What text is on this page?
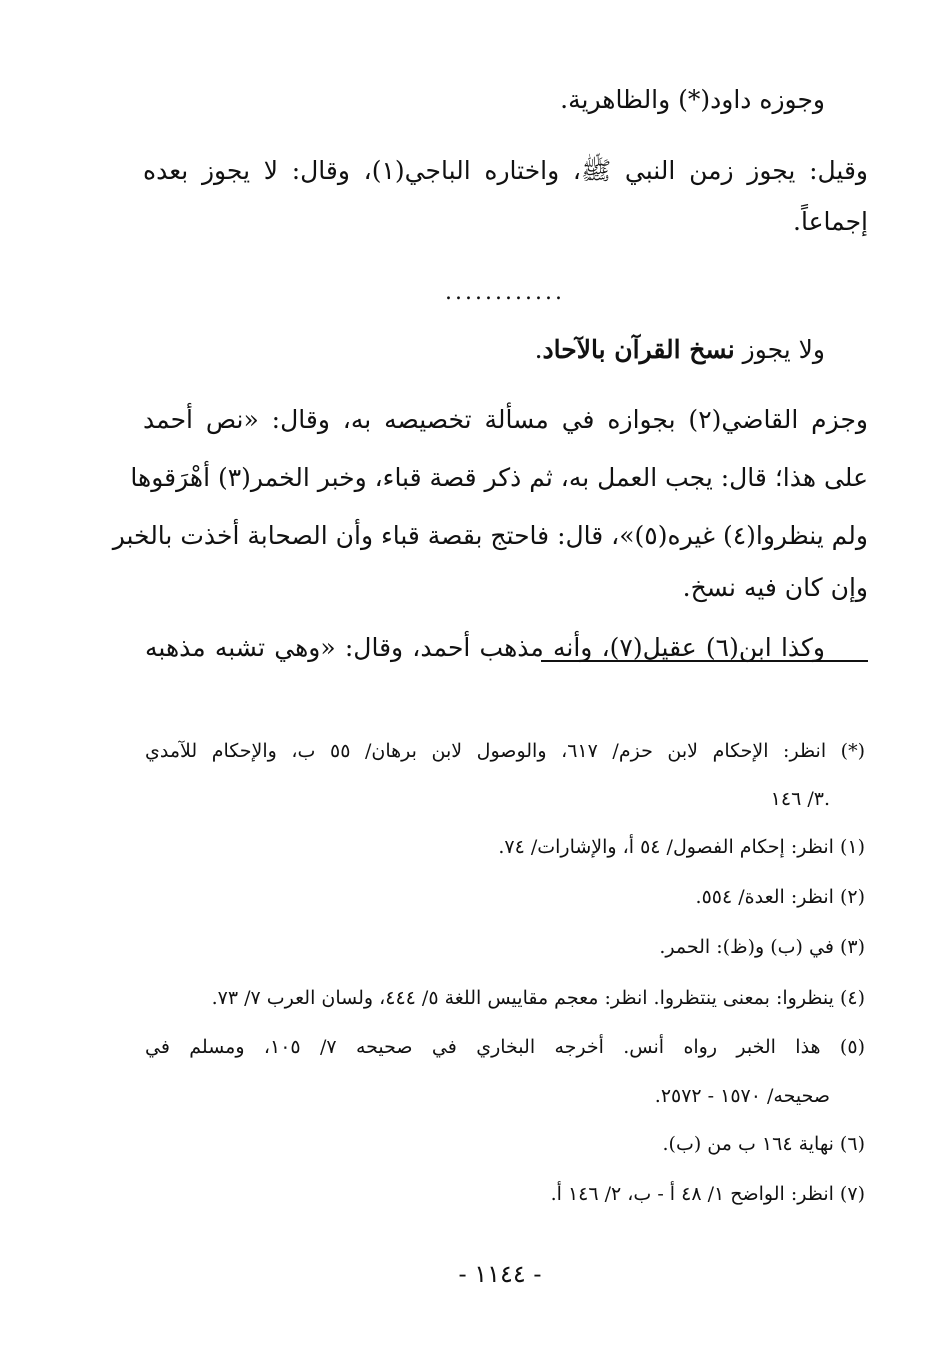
وجوزه داود(*) والظاهرية.
وقيل: يجوز زمن النبي ﷺ، واختاره الباجي(١)، وقال: لا يجوز بعده
إجماعاً.
............
ولا يجوز نسخ القرآن بالآحاد.
وجزم القاضي(٢) بجوازه في مسألة تخصيصه به، وقال: «نص أحمد
على هذا؛ قال: يجب العمل به، ثم ذكر قصة قباء، وخبر الخمر(٣) أهْرَقوها
ولم ينظروا(٤) غيره(٥)»، قال: فاحتج بقصة قباء وأن الصحابة أخذت بالخبر
وإن كان فيه نسخ.
وكذا ابن(٦) عقيل(٧)، وأنه مذهب أحمد، وقال: «وهي تشبه مذهبه
(*) انظر: الإحكام لابن حزم/ ٦١٧، والوصول لابن برهان/ ٥٥ ب، والإحكام للآمدي
٣/ ١٤٦.
(١) انظر: إحكام الفصول/ ٥٤ أ، والإشارات/ ٧٤.
(٢) انظر: العدة/ ٥٥٤.
(٣) في (ب) و(ظ): الحمر.
(٤) ينظروا: بمعنى ينتظروا. انظر: معجم مقاييس اللغة ٥/ ٤٤٤، ولسان العرب ٧/ ٧٣.
(٥) هذا الخبر رواه أنس. أخرجه البخاري في صحيحه ٧/ ١٠٥، ومسلم في
صحيحه/ ١٥٧٠ - ٢٥٧٢.
(٦) نهاية ١٦٤ ب من (ب).
(٧) انظر: الواضح ١/ ٤٨ أ - ب، ٢/ ١٤٦ أ.
- ١١٤٤ -
